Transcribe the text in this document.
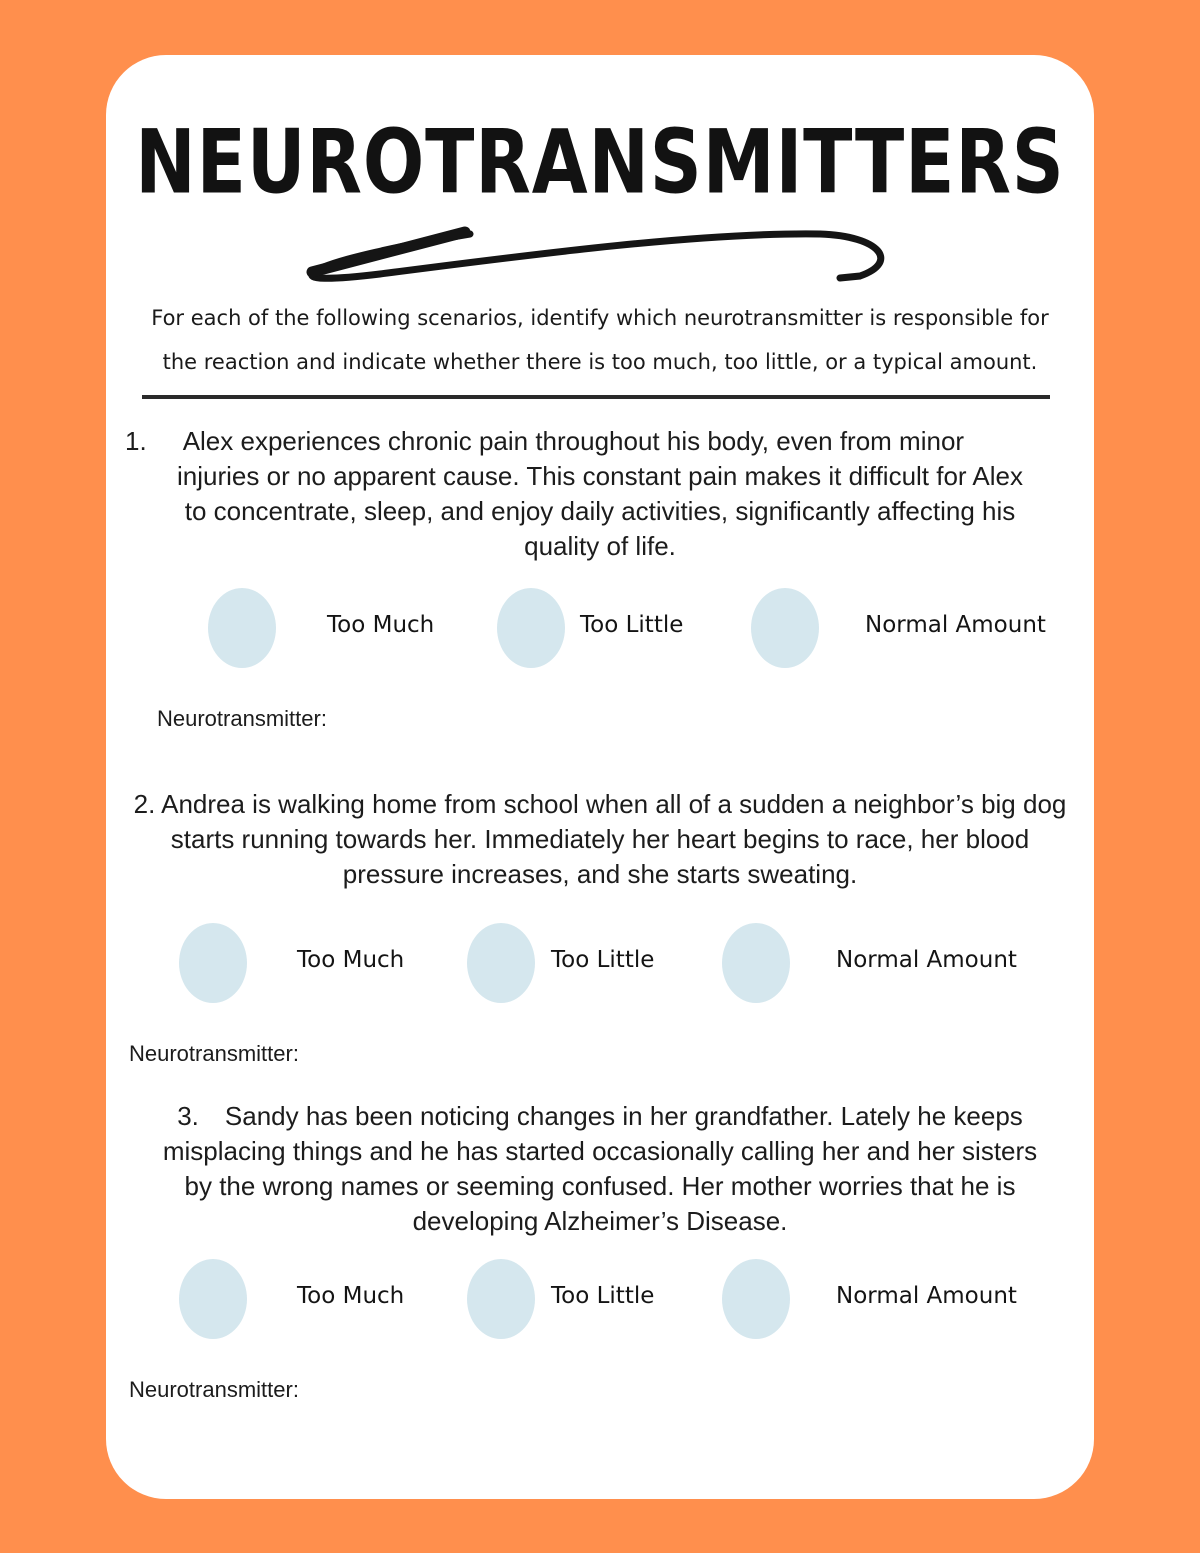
NEUROTRANSMITTERS
For each of the following scenarios, identify which neurotransmitter is responsible for
the reaction and indicate whether there is too much, too little, or a typical amount.
1. Alex experiences chronic pain throughout his body, even from minor
injuries or no apparent cause. This constant pain makes it difficult for Alex
to concentrate, sleep, and enjoy daily activities, significantly affecting his
quality of life.
Too Much	Too Little	Normal Amount
Neurotransmitter:
2. Andrea is walking home from school when all of a sudden a neighbor’s big dog
starts running towards her. Immediately her heart begins to race, her blood
pressure increases, and she starts sweating.
Too Much	Too Little	Normal Amount
Neurotransmitter:
3. Sandy has been noticing changes in her grandfather. Lately he keeps
misplacing things and he has started occasionally calling her and her sisters
by the wrong names or seeming confused. Her mother worries that he is
developing Alzheimer’s Disease.
Too Much	Too Little	Normal Amount
Neurotransmitter:
